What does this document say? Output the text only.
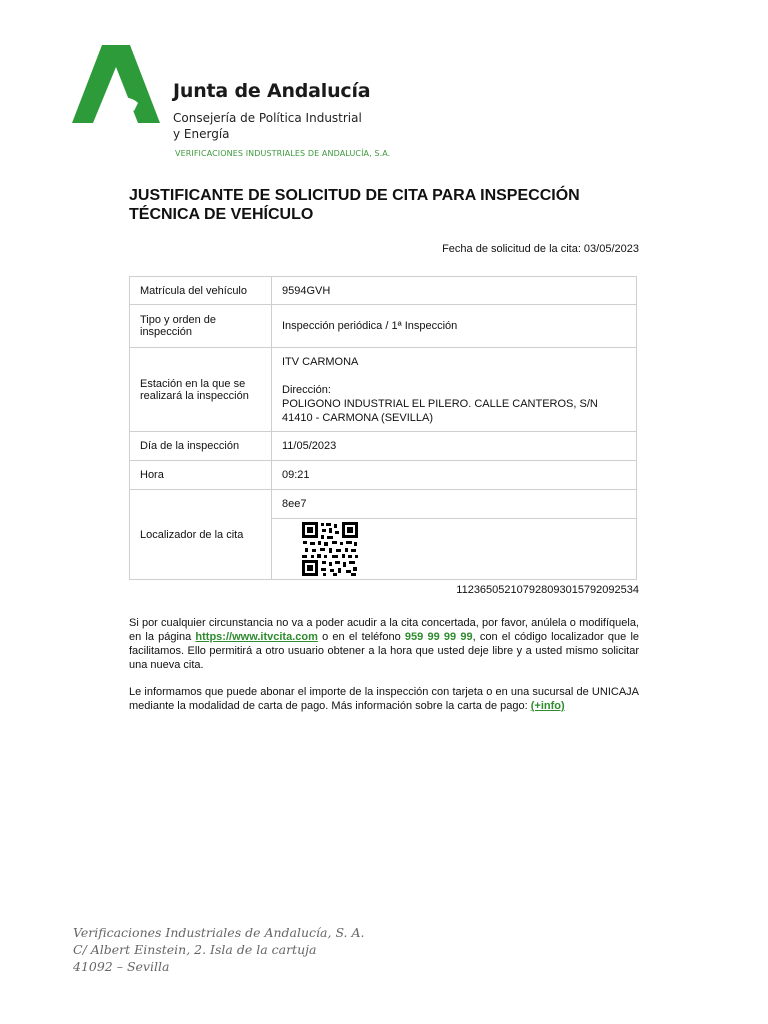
Junta de Andalucía
Consejería de Política Industrial
y Energía
VERIFICACIONES INDUSTRIALES DE ANDALUCÍA, S.A.
JUSTIFICANTE DE SOLICITUD DE CITA PARA INSPECCIÓN
TÉCNICA DE VEHÍCULO
Fecha de solicitud de la cita: 03/05/2023
Matrícula del vehículo	9594GVH
Tipo y orden de inspección	Inspección periódica / 1ª Inspección
Estación en la que se realizará la inspección	ITV CARMONA
Dirección:
POLIGONO INDUSTRIAL EL PILERO. CALLE CANTEROS, S/N
41410 - CARMONA (SEVILLA)

Día de la inspección	11/05/2023
Hora	09:21
Localizador de la cita	8ee7

112365052107928093015792092534
Si por cualquier circunstancia no va a poder acudir a la cita concertada, por favor, anúlela o modifíquela, en la página https://www.itvcita.com o en el teléfono 959 99 99 99, con el código localizador que le facilitamos. Ello permitirá a otro usuario obtener a la hora que usted deje libre y a usted mismo solicitar una nueva cita.
Le informamos que puede abonar el importe de la inspección con tarjeta o en una sucursal de UNICAJA mediante la modalidad de carta de pago. Más información sobre la carta de pago: (+info)
Verificaciones Industriales de Andalucía, S. A.
C/ Albert Einstein, 2. Isla de la cartuja
41092 – Sevilla
